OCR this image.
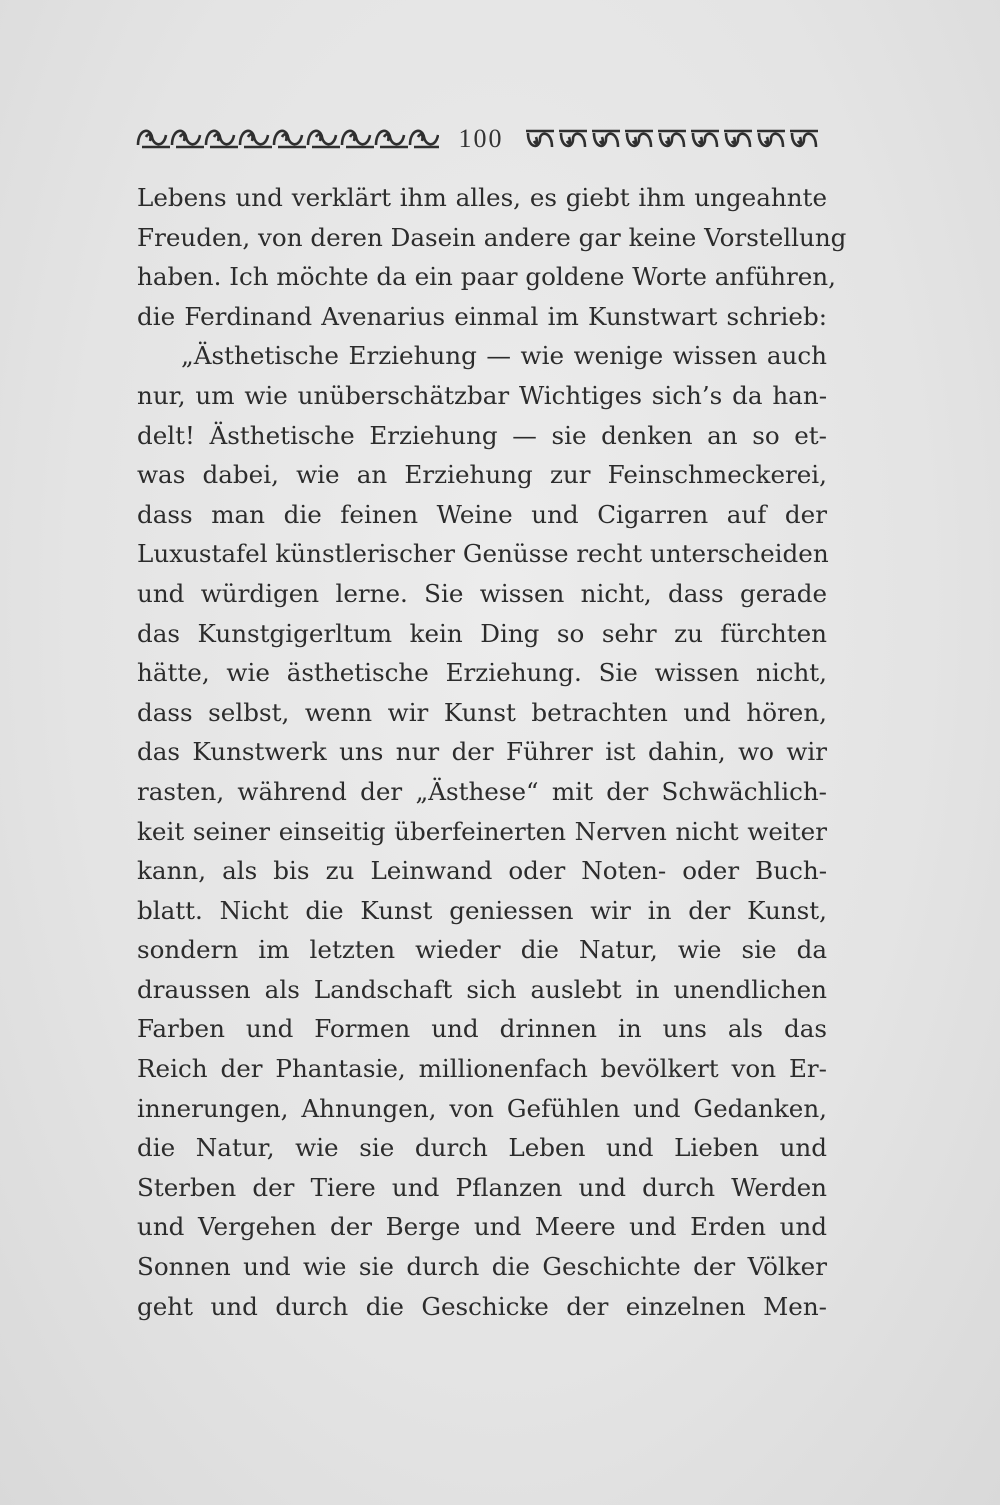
100
Lebens und verklärt ihm alles, es giebt ihm ungeahnte
Freuden, von deren Dasein andere gar keine Vorstellung
haben. Ich möchte da ein paar goldene Worte anführen,
die Ferdinand Avenarius einmal im Kunstwart schrieb:
„Ästhetische Erziehung — wie wenige wissen auch
nur, um wie unüberschätzbar Wichtiges sich’s da han-
delt! Ästhetische Erziehung — sie denken an so et-
was dabei, wie an Erziehung zur Feinschmeckerei,
dass man die feinen Weine und Cigarren auf der
Luxustafel künstlerischer Genüsse recht unterscheiden
und würdigen lerne. Sie wissen nicht, dass gerade
das Kunstgigerltum kein Ding so sehr zu fürchten
hätte, wie ästhetische Erziehung. Sie wissen nicht,
dass selbst, wenn wir Kunst betrachten und hören,
das Kunstwerk uns nur der Führer ist dahin, wo wir
rasten, während der „Ästhese“ mit der Schwächlich-
keit seiner einseitig überfeinerten Nerven nicht weiter
kann, als bis zu Leinwand oder Noten- oder Buch-
blatt. Nicht die Kunst geniessen wir in der Kunst,
sondern im letzten wieder die Natur, wie sie da
draussen als Landschaft sich auslebt in unendlichen
Farben und Formen und drinnen in uns als das
Reich der Phantasie, millionenfach bevölkert von Er-
innerungen, Ahnungen, von Gefühlen und Gedanken,
die Natur, wie sie durch Leben und Lieben und
Sterben der Tiere und Pflanzen und durch Werden
und Vergehen der Berge und Meere und Erden und
Sonnen und wie sie durch die Geschichte der Völker
geht und durch die Geschicke der einzelnen Men-
